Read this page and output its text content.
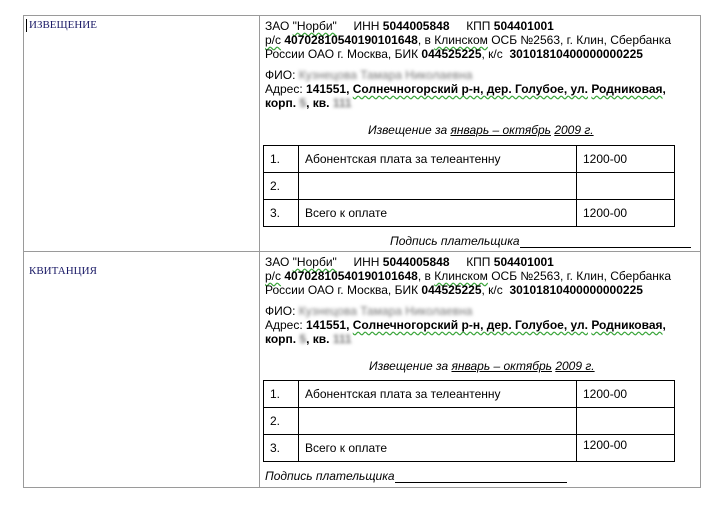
ИЗВЕЩЕНИЕ	ЗАО "Норби" ИНН 5044005848 КПП 504401001
р/с 40702810540190101648, в Клинском ОСБ №2563, г. Клин, Сбербанка
России ОАО г. Москва, БИК 044525225, к/с 30101810400000000225
ФИО: Кузнецова Тамара Николаевна
Адрес: 141551, Солнечногорский р-н, дер. Голубое, ул. Родниковая,
корп. 5, кв. 111
Извещение за январь – октябрь 2009 г.
1.	Абонентская плата за телеантенну	1200-00
2.		
3.	Всего к оплате	1200-00
Подпись плательщика
КВИТАНЦИЯ
ЗАО "Норби" ИНН 5044005848 КПП 504401001
р/с 40702810540190101648, в Клинском ОСБ №2563, г. Клин, Сбербанка
России ОАО г. Москва, БИК 044525225, к/с 30101810400000000225
ФИО: Кузнецова Тамара Николаевна
Адрес: 141551, Солнечногорский р-н, дер. Голубое, ул. Родниковая,
корп. 5, кв. 111
Извещение за январь – октябрь 2009 г.
1.	Абонентская плата за телеантенну	1200-00
2.		
3.	Всего к оплате	1200-00
Подпись плательщика
